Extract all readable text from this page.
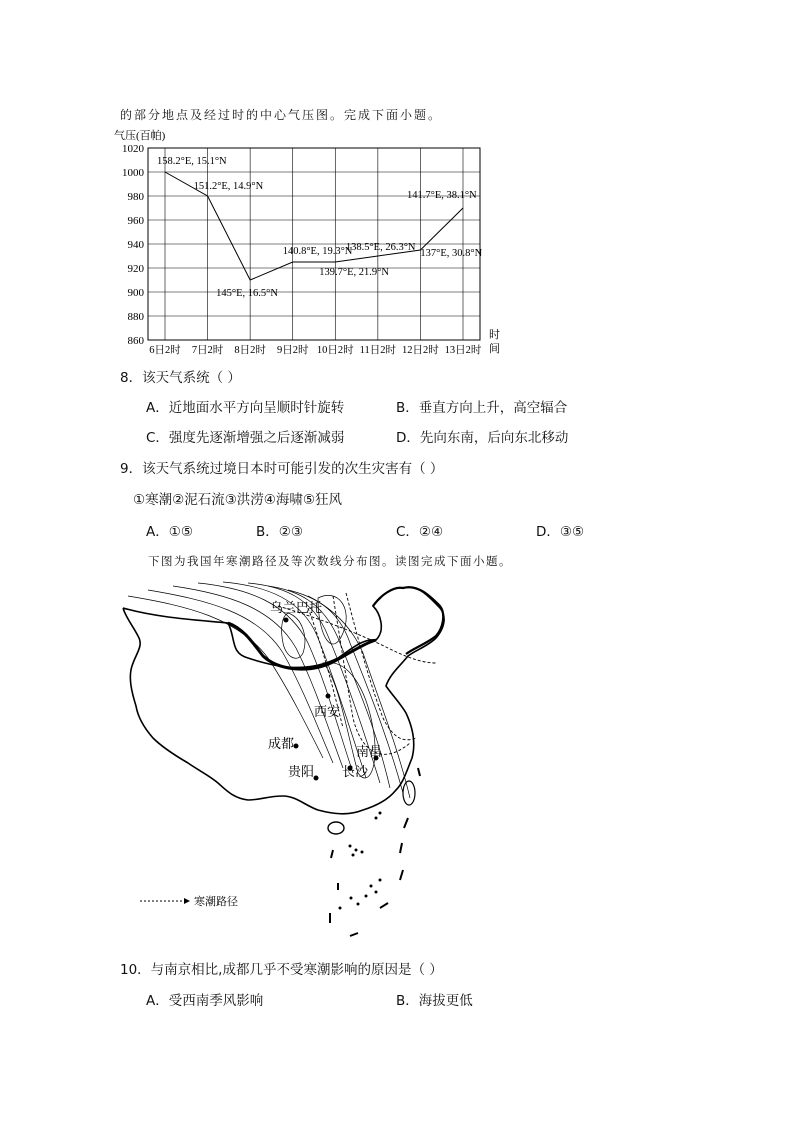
的部分地点及经过时的中心气压图。完成下面小题。
气压(百帕)
860
880
900
920
940
960
980
1000
1020
6日2时 7日2时 8日2时 9日2时 10日2时 11日2时 12日2时 13日2时
158.2°E, 15.1°N
151.2°E, 14.9°N
145°E, 16.5°N
140.8°E, 19.3°N
139.7°E, 21.9°N
138.5°E, 26.3°N
137°E, 30.8°N
141.7°E, 38.1°N
时
间
8．该天气系统（ ）
A．近地面水平方向呈顺时针旋转	B．垂直方向上升，高空辐合
C．强度先逐渐增强之后逐渐减弱	D．先向东南，后向东北移动
9．该天气系统过境日本时可能引发的次生灾害有（ ）
①寒潮②泥石流③洪涝④海啸⑤狂风
A．①⑤	B．②③	C．②④	D．③⑤
下图为我国年寒潮路径及等次数线分布图。读图完成下面小题。
乌兰巴托
西安
成都
贵阳 长沙
南昌
寒潮路径
10．与南京相比,成都几乎不受寒潮影响的原因是（ ）
A．受西南季风影响	B．海拔更低
